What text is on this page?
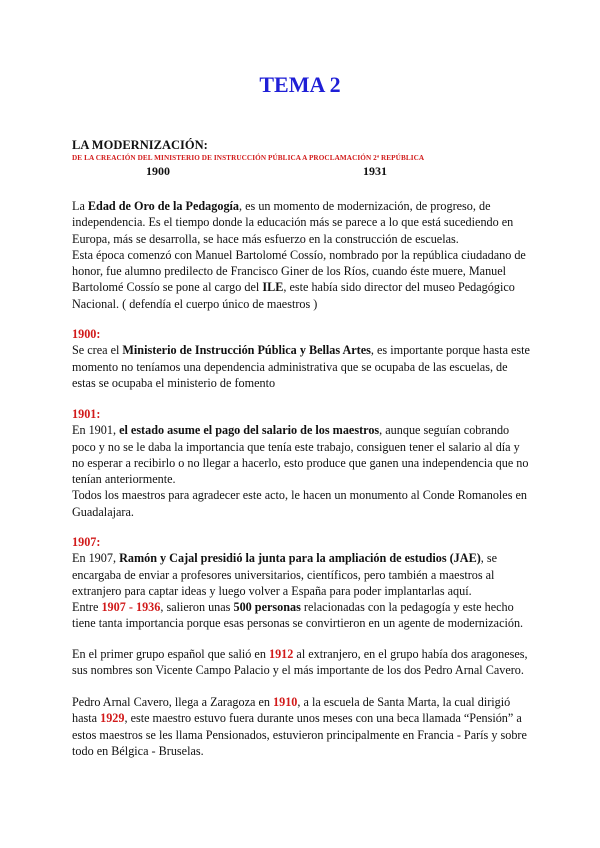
TEMA 2
LA MODERNIZACIÓN:
DE LA CREACIÓN DEL MINISTERIO DE INSTRUCCIÓN PÚBLICA A PROCLAMACIÓN 2ª REPÚBLICA
1900	1931

La Edad de Oro de la Pedagogía, es un momento de modernización, de progreso, de independencia. Es el tiempo donde la educación más se parece a lo que está sucediendo en Europa, más se desarrolla, se hace más esfuerzo en la construcción de escuelas.

Esta época comenzó con Manuel Bartolomé Cossío, nombrado por la república ciudadano de honor, fue alumno predilecto de Francisco Giner de los Ríos, cuando éste muere, Manuel Bartolomé Cossío se pone al cargo del ILE, este había sido director del museo Pedagógico Nacional. ( defendía el cuerpo único de maestros )

1900:

Se crea el Ministerio de Instrucción Pública y Bellas Artes, es importante porque hasta este momento no teníamos una dependencia administrativa que se ocupaba de las escuelas, de estas se ocupaba el ministerio de fomento

1901:

En 1901, el estado asume el pago del salario de los maestros, aunque seguían cobrando poco y no se le daba la importancia que tenía este trabajo, consiguen tener el salario al día y no esperar a recibirlo o no llegar a hacerlo, esto produce que ganen una independencia que no tenían anteriormente.

Todos los maestros para agradecer este acto, le hacen un monumento al Conde Romanoles en Guadalajara.

1907:

En 1907, Ramón y Cajal presidió la junta para la ampliación de estudios (JAE), se encargaba de enviar a profesores universitarios, científicos, pero también a maestros al extranjero para captar ideas y luego volver a España para poder implantarlas aquí.

Entre 1907 - 1936, salieron unas 500 personas relacionadas con la pedagogía y este hecho tiene tanta importancia porque esas personas se convirtieron en un agente de modernización.

En el primer grupo español que salió en 1912 al extranjero, en el grupo había dos aragoneses, sus nombres son Vicente Campo Palacio y el más importante de los dos Pedro Arnal Cavero.

Pedro Arnal Cavero, llega a Zaragoza en 1910, a la escuela de Santa Marta, la cual dirigió hasta 1929, este maestro estuvo fuera durante unos meses con una beca llamada “Pensión” a estos maestros se les llama Pensionados, estuvieron principalmente en Francia - París y sobre todo en Bélgica - Bruselas.
